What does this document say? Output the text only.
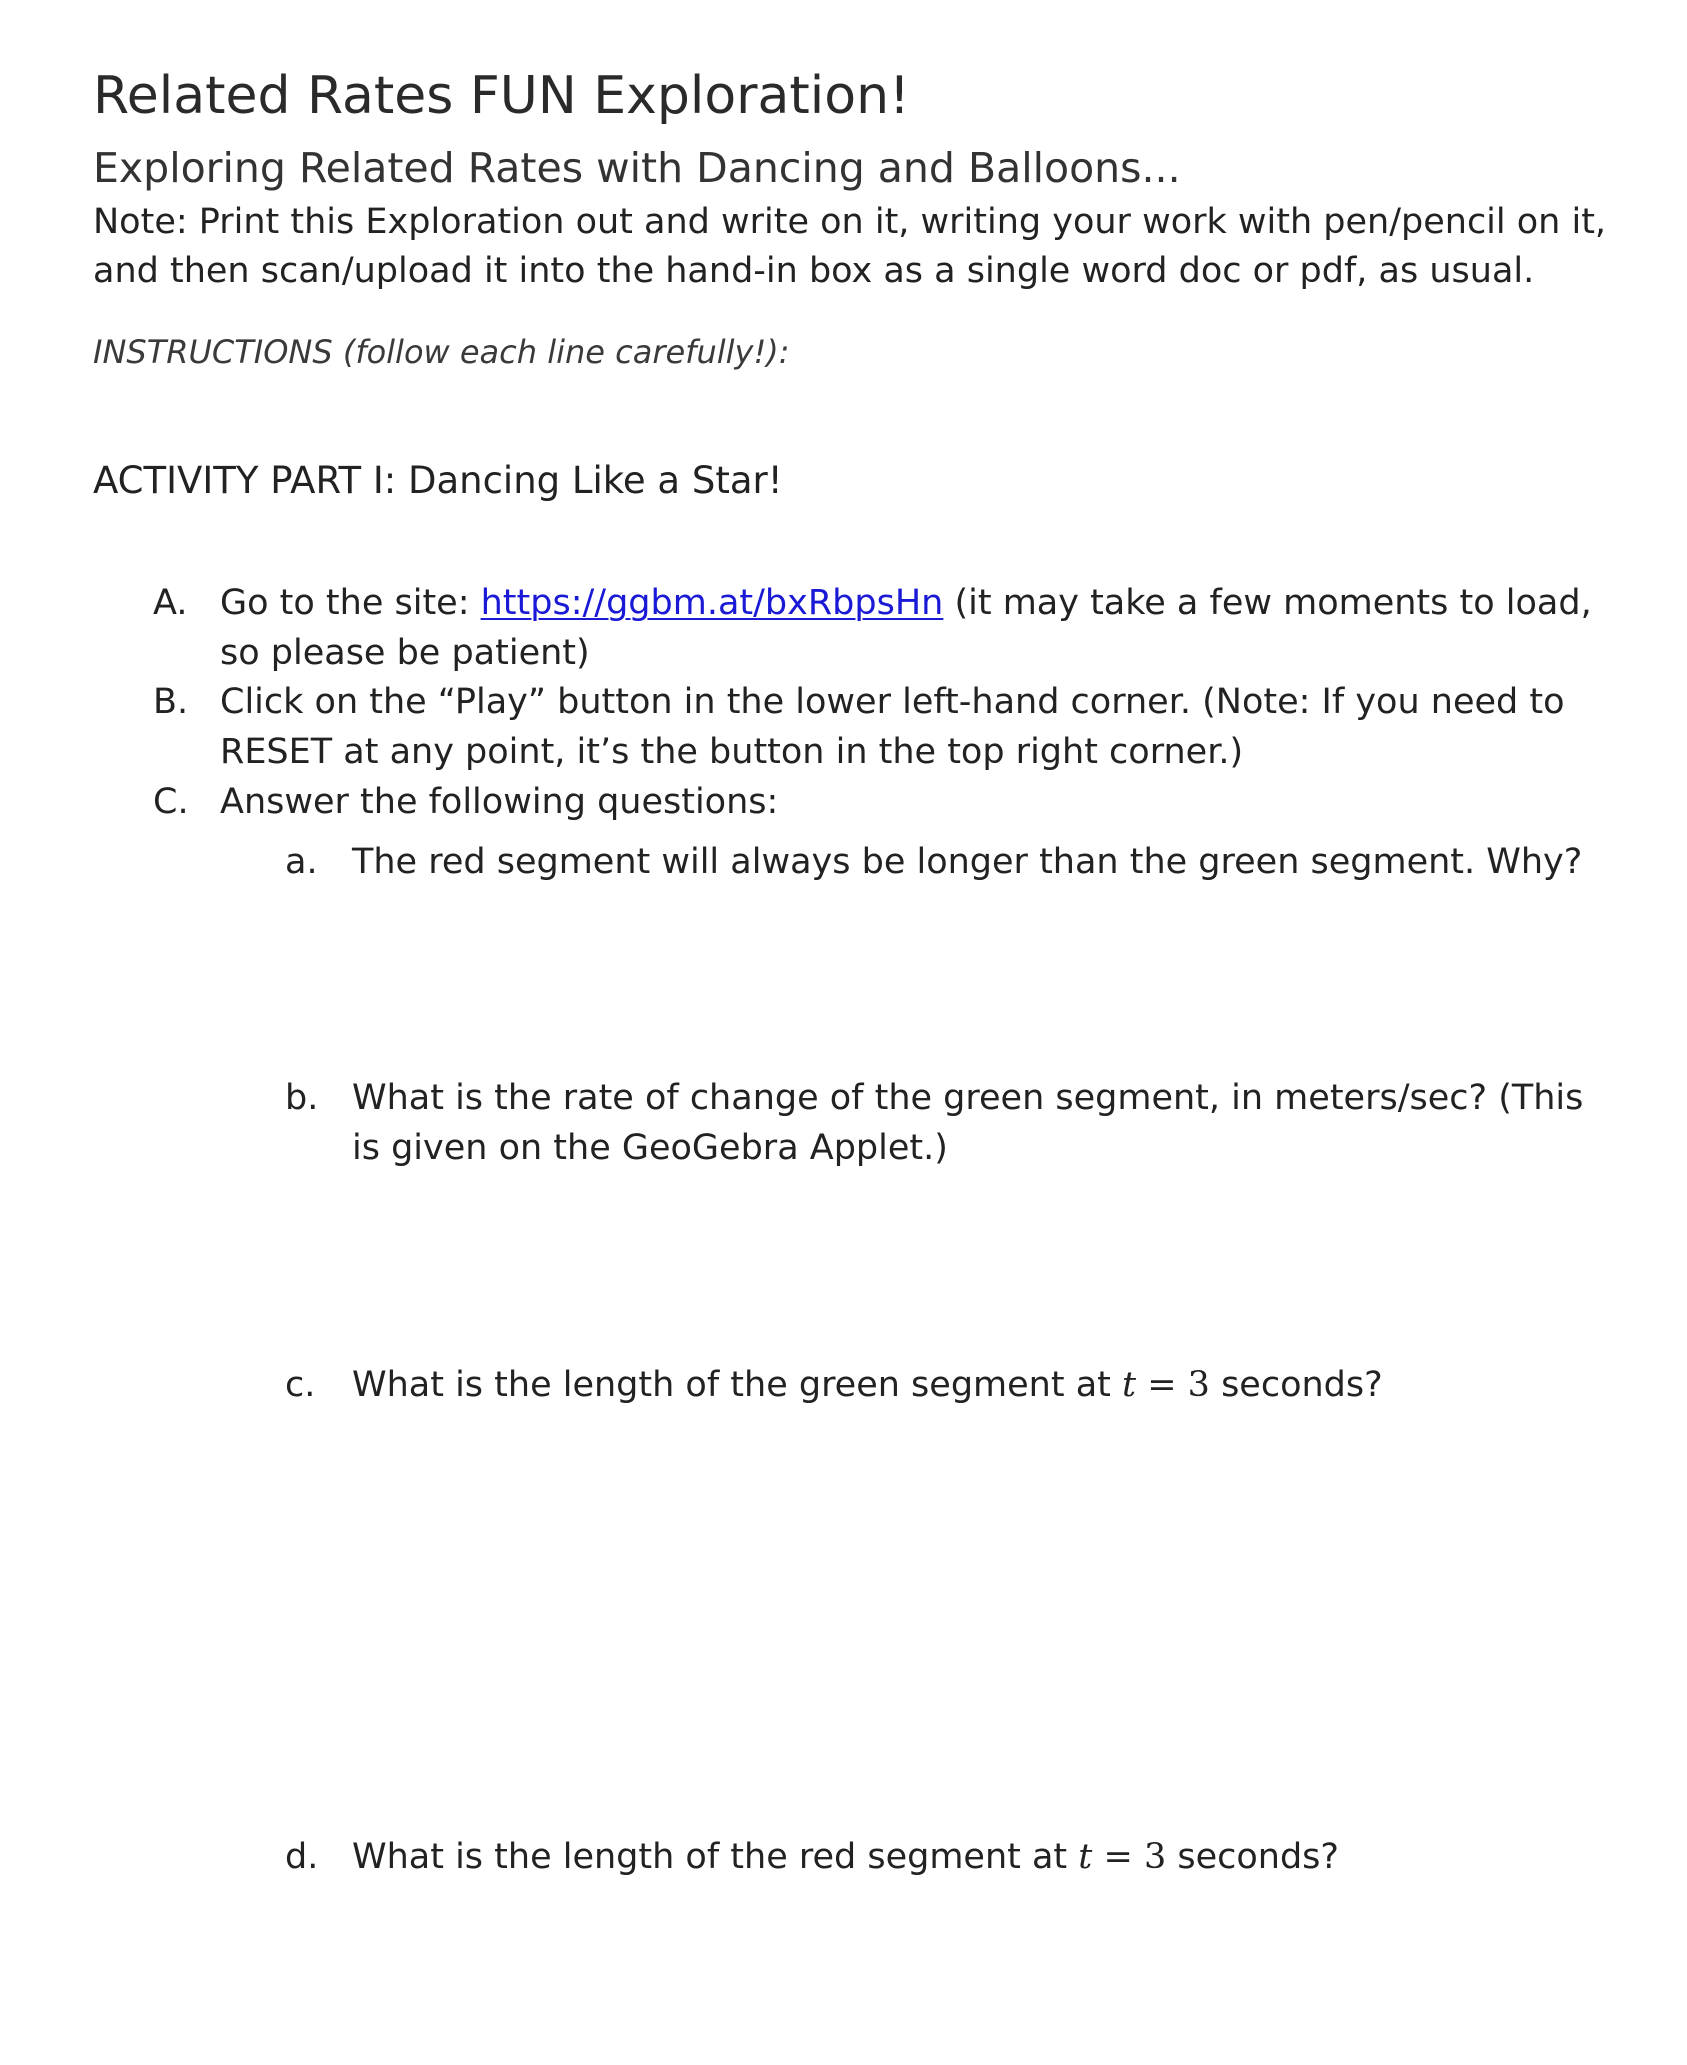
Related Rates FUN Exploration!
Exploring Related Rates with Dancing and Balloons...
Note: Print this Exploration out and write on it, writing your work with pen/pencil on it,
and then scan/upload it into the hand-in box as a single word doc or pdf, as usual.
INSTRUCTIONS (follow each line carefully!):
ACTIVITY PART I: Dancing Like a Star!
A. Go to the site: https://ggbm.at/bxRbpsHn (it may take a few moments to load,
so please be patient)
B. Click on the “Play” button in the lower left-hand corner. (Note: If you need to
RESET at any point, it’s the button in the top right corner.)
C. Answer the following questions:
a. The red segment will always be longer than the green segment. Why?
b. What is the rate of change of the green segment, in meters/sec? (This
is given on the GeoGebra Applet.)
c. What is the length of the green segment at t = 3 seconds?
d. What is the length of the red segment at t = 3 seconds?
